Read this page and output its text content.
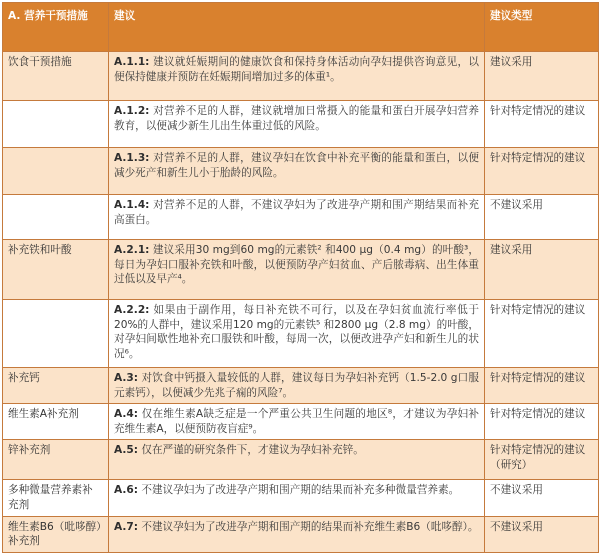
A. 营养干预措施	建议	建议类型
饮食干预措施	A.1.1: 建议就妊娠期间的健康饮食和保持身体活动向孕妇提供咨询意见，以便保持健康并预防在妊娠期间增加过多的体重¹。	建议采用
	A.1.2: 对营养不足的人群，建议就增加日常摄入的能量和蛋白开展孕妇营养教育，以便减少新生儿出生体重过低的风险。	针对特定情况的建议
	A.1.3: 对营养不足的人群，建议孕妇在饮食中补充平衡的能量和蛋白，以便减少死产和新生儿小于胎龄的风险。	针对特定情况的建议
	A.1.4: 对营养不足的人群，不建议孕妇为了改进孕产期和围产期结果而补充高蛋白。	不建议采用
补充铁和叶酸	A.2.1: 建议采用30 mg到60 mg的元素铁² 和400 μg（0.4 mg）的叶酸³，每日为孕妇口服补充铁和叶酸，以便预防孕产妇贫血、产后脓毒病、出生体重过低以及早产⁴。	建议采用
	A.2.2: 如果由于副作用，每日补充铁不可行，以及在孕妇贫血流行率低于20%的人群中，建议采用120 mg的元素铁⁵ 和2800 μg（2.8 mg）的叶酸，对孕妇间歇性地补充口服铁和叶酸，每周一次，以便改进孕产妇和新生儿的状况⁶。	针对特定情况的建议
补充钙	A.3: 对饮食中钙摄入量较低的人群，建议每日为孕妇补充钙（1.5-2.0 g口服元素钙），以便减少先兆子痫的风险⁷。	针对特定情况的建议
维生素A补充剂	A.4: 仅在维生素A缺乏症是一个严重公共卫生问题的地区⁸，才建议为孕妇补充维生素A，以便预防夜盲症⁹。	针对特定情况的建议
锌补充剂	A.5: 仅在严谨的研究条件下，才建议为孕妇补充锌。	针对特定情况的建议（研究）
多种微量营养素补充剂	A.6: 不建议孕妇为了改进孕产期和围产期的结果而补充多种微量营养素。	不建议采用
维生素B6（吡哆醇）补充剂	A.7: 不建议孕妇为了改进孕产期和围产期的结果而补充维生素B6（吡哆醇）。	不建议采用
